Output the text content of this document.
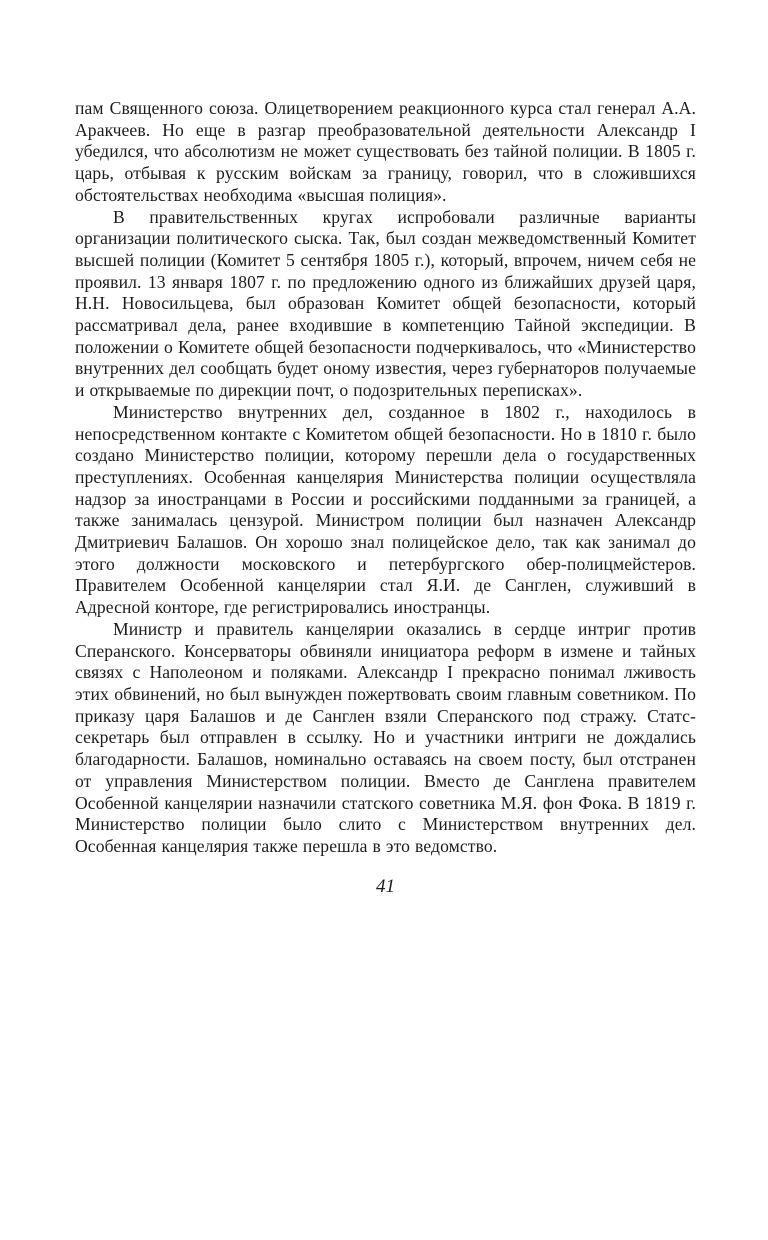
пам Священного союза. Олицетворением реакционного курса стал генерал А.А. Аракчеев. Но еще в разгар преобразовательной деятельности Александр I убедился, что абсолютизм не может существовать без тайной полиции. В 1805 г. царь, отбывая к русским войскам за границу, говорил, что в сложившихся обстоятельствах необходима «высшая полиция».

В правительственных кругах испробовали различные варианты организации политического сыска. Так, был создан межведомственный Комитет высшей полиции (Комитет 5 сентября 1805 г.), который, впрочем, ничем себя не проявил. 13 января 1807 г. по предложению одного из ближайших друзей царя, Н.Н. Новосильцева, был образован Комитет общей безопасности, который рассматривал дела, ранее входившие в компетенцию Тайной экспедиции. В положении о Комитете общей безопасности подчеркивалось, что «Министерство внутренних дел сообщать будет оному известия, через губернаторов получаемые и открываемые по дирекции почт, о подозрительных переписках».

Министерство внутренних дел, созданное в 1802 г., находилось в непосредственном контакте с Комитетом общей безопасности. Но в 1810 г. было создано Министерство полиции, которому перешли дела о государственных преступлениях. Особенная канцелярия Министерства полиции осуществляла надзор за иностранцами в России и российскими подданными за границей, а также занималась цензурой. Министром полиции был назначен Александр Дмитриевич Балашов. Он хорошо знал полицейское дело, так как занимал до этого должности московского и петербургского обер-полицмейстеров. Правителем Особенной канцелярии стал Я.И. де Санглен, служивший в Адресной конторе, где регистрировались иностранцы.

Министр и правитель канцелярии оказались в сердце интриг против Сперанского. Консерваторы обвиняли инициатора реформ в измене и тайных связях с Наполеоном и поляками. Александр I прекрасно понимал лживость этих обвинений, но был вынужден пожертвовать своим главным советником. По приказу царя Балашов и де Санглен взяли Сперанского под стражу. Статс-секретарь был отправлен в ссылку. Но и участники интриги не дождались благодарности. Балашов, номинально оставаясь на своем посту, был отстранен от управления Министерством полиции. Вместо де Санглена правителем Особенной канцелярии назначили статского советника М.Я. фон Фока. В 1819 г. Министерство полиции было слито с Министерством внутренних дел. Особенная канцелярия также перешла в это ведомство.

41
